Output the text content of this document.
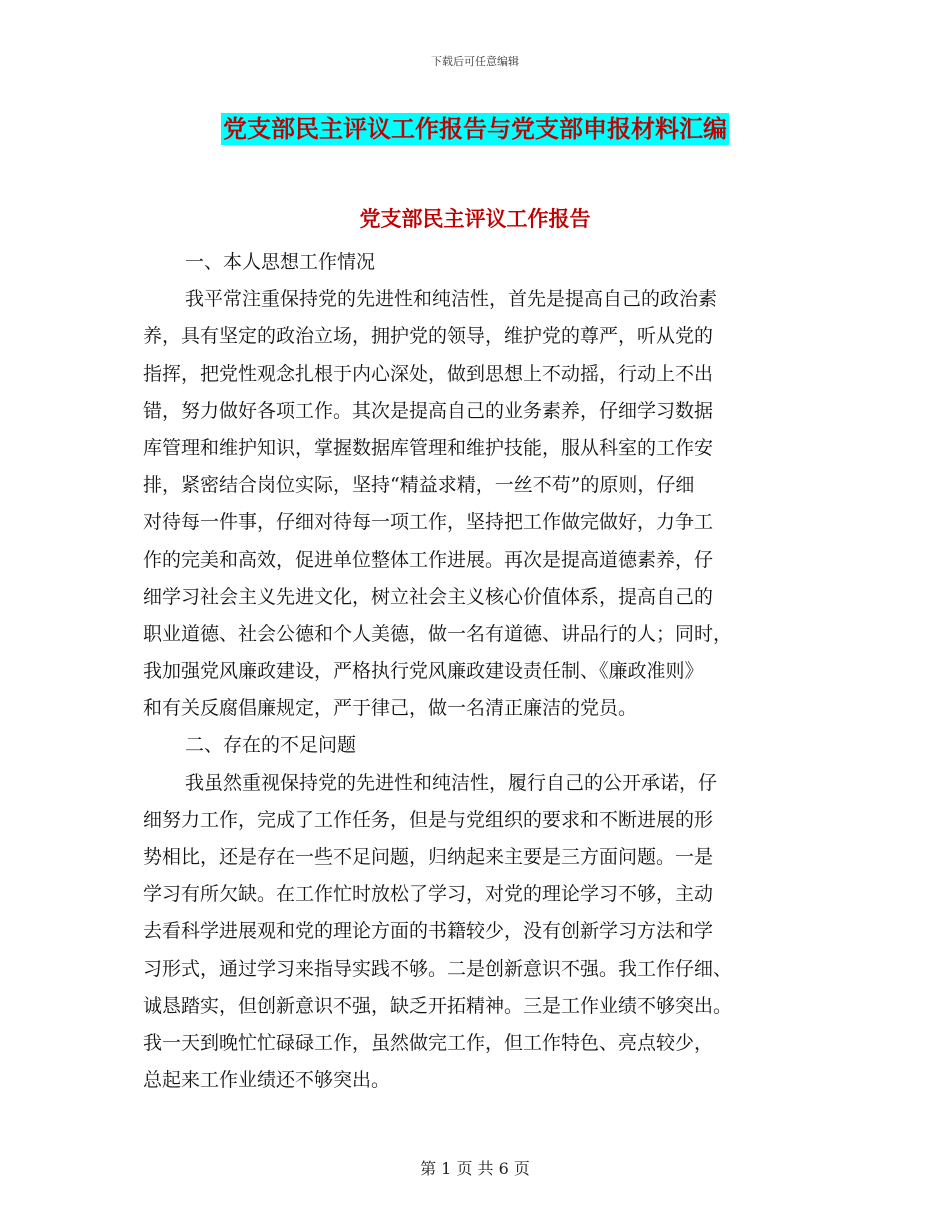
下载后可任意编辑
党支部民主评议工作报告与党支部申报材料汇编
党支部民主评议工作报告
一、本人思想工作情况
我平常注重保持党的先进性和纯洁性，首先是提高自己的政治素
养，具有坚定的政治立场，拥护党的领导，维护党的尊严，听从党的
指挥，把党性观念扎根于内心深处，做到思想上不动摇，行动上不出
错，努力做好各项工作。其次是提高自己的业务素养，仔细学习数据
库管理和维护知识，掌握数据库管理和维护技能，服从科室的工作安
排，紧密结合岗位实际，坚持“精益求精，一丝不苟”的原则，仔细
对待每一件事，仔细对待每一项工作，坚持把工作做完做好，力争工
作的完美和高效，促进单位整体工作进展。再次是提高道德素养，仔
细学习社会主义先进文化，树立社会主义核心价值体系，提高自己的
职业道德、社会公德和个人美德，做一名有道德、讲品行的人；同时，
我加强党风廉政建设，严格执行党风廉政建设责任制、《廉政准则》
和有关反腐倡廉规定，严于律己，做一名清正廉洁的党员。
二、存在的不足问题
我虽然重视保持党的先进性和纯洁性，履行自己的公开承诺，仔
细努力工作，完成了工作任务，但是与党组织的要求和不断进展的形
势相比，还是存在一些不足问题，归纳起来主要是三方面问题。一是
学习有所欠缺。在工作忙时放松了学习，对党的理论学习不够，主动
去看科学进展观和党的理论方面的书籍较少，没有创新学习方法和学
习形式，通过学习来指导实践不够。二是创新意识不强。我工作仔细、
诚恳踏实，但创新意识不强，缺乏开拓精神。三是工作业绩不够突出。
我一天到晚忙忙碌碌工作，虽然做完工作，但工作特色、亮点较少，
总起来工作业绩还不够突出。
第 1 页 共 6 页
